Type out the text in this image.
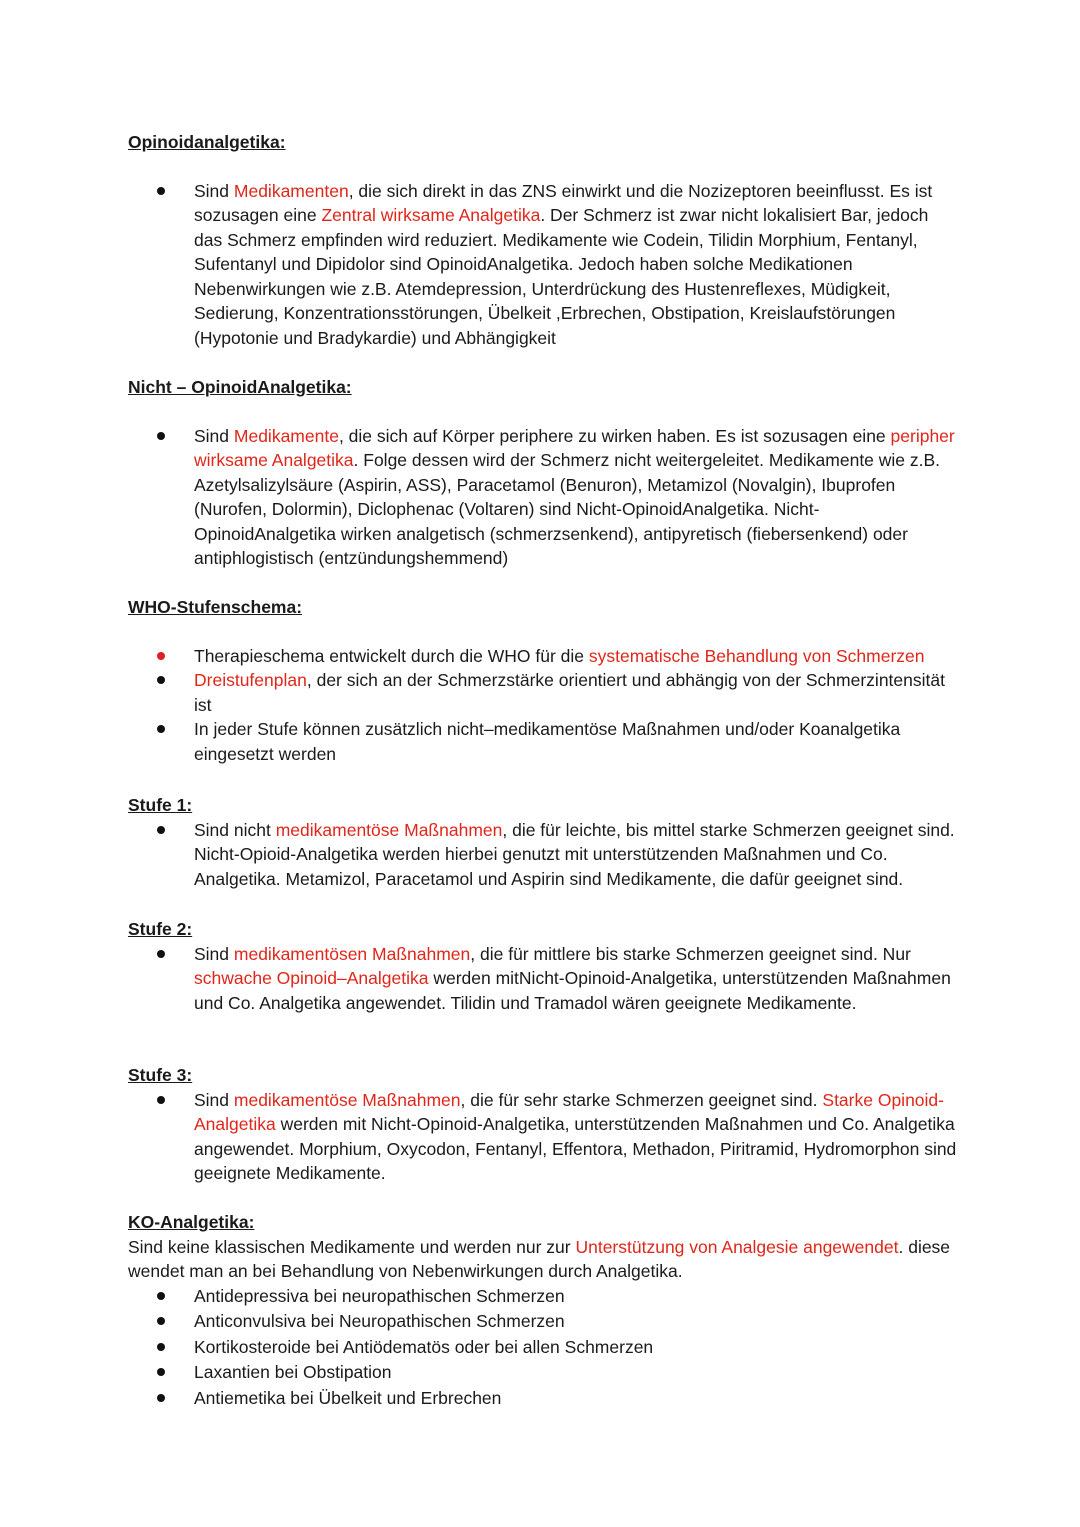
Opinoidanalgetika:

Sind Medikamenten, die sich direkt in das ZNS einwirkt und die Nozizeptoren beeinflusst. Es ist sozusagen eine Zentral wirksame Analgetika. Der Schmerz ist zwar nicht lokalisiert Bar, jedoch das Schmerz empfinden wird reduziert. Medikamente wie Codein, Tilidin Morphium, Fentanyl, Sufentanyl und Dipidolor sind OpinoidAnalgetika. Jedoch haben solche Medikationen Nebenwirkungen wie z.B. Atemdepression, Unterdrückung des Hustenreflexes, Müdigkeit, Sedierung, Konzentrationsstörungen, Übelkeit ,Erbrechen, Obstipation, Kreislaufstörungen (Hypotonie und Bradykardie) und Abhängigkeit

Nicht – OpinoidAnalgetika:

Sind Medikamente, die sich auf Körper periphere zu wirken haben. Es ist sozusagen eine peripher wirksame Analgetika. Folge dessen wird der Schmerz nicht weitergeleitet. Medikamente wie z.B. Azetylsalizylsäure (Aspirin, ASS), Paracetamol (Benuron), Metamizol (Novalgin), Ibuprofen (Nurofen, Dolormin), Diclophenac (Voltaren) sind Nicht-OpinoidAnalgetika. Nicht-OpinoidAnalgetika wirken analgetisch (schmerzsenkend), antipyretisch (fiebersenkend) oder antiphlogistisch (entzündungshemmend)

WHO-Stufenschema:

Therapieschema entwickelt durch die WHO für die systematische Behandlung von Schmerzen
Dreistufenplan, der sich an der Schmerzstärke orientiert und abhängig von der Schmerzintensität ist
In jeder Stufe können zusätzlich nicht–medikamentöse Maßnahmen und/oder Koanalgetika eingesetzt werden

Stufe 1:

Sind nicht medikamentöse Maßnahmen, die für leichte, bis mittel starke Schmerzen geeignet sind. Nicht-Opioid-Analgetika werden hierbei genutzt mit unterstützenden Maßnahmen und Co. Analgetika. Metamizol, Paracetamol und Aspirin sind Medikamente, die dafür geeignet sind.

Stufe 2:

Sind medikamentösen Maßnahmen, die für mittlere bis starke Schmerzen geeignet sind. Nur schwache Opinoid–Analgetika werden mitNicht-Opinoid-Analgetika, unterstützenden Maßnahmen und Co. Analgetika angewendet. Tilidin und Tramadol wären geeignete Medikamente.

Stufe 3:

Sind medikamentöse Maßnahmen, die für sehr starke Schmerzen geeignet sind. Starke Opinoid-Analgetika werden mit Nicht-Opinoid-Analgetika, unterstützenden Maßnahmen und Co. Analgetika angewendet. Morphium, Oxycodon, Fentanyl, Effentora, Methadon, Piritramid, Hydromorphon sind geeignete Medikamente.

KO-Analgetika:

Sind keine klassischen Medikamente und werden nur zur Unterstützung von Analgesie angewendet. diese wendet man an bei Behandlung von Nebenwirkungen durch Analgetika.

Antidepressiva bei neuropathischen Schmerzen
Anticonvulsiva bei Neuropathischen Schmerzen
Kortikosteroide bei Antiödematös oder bei allen Schmerzen
Laxantien bei Obstipation
Antiemetika bei Übelkeit und Erbrechen
